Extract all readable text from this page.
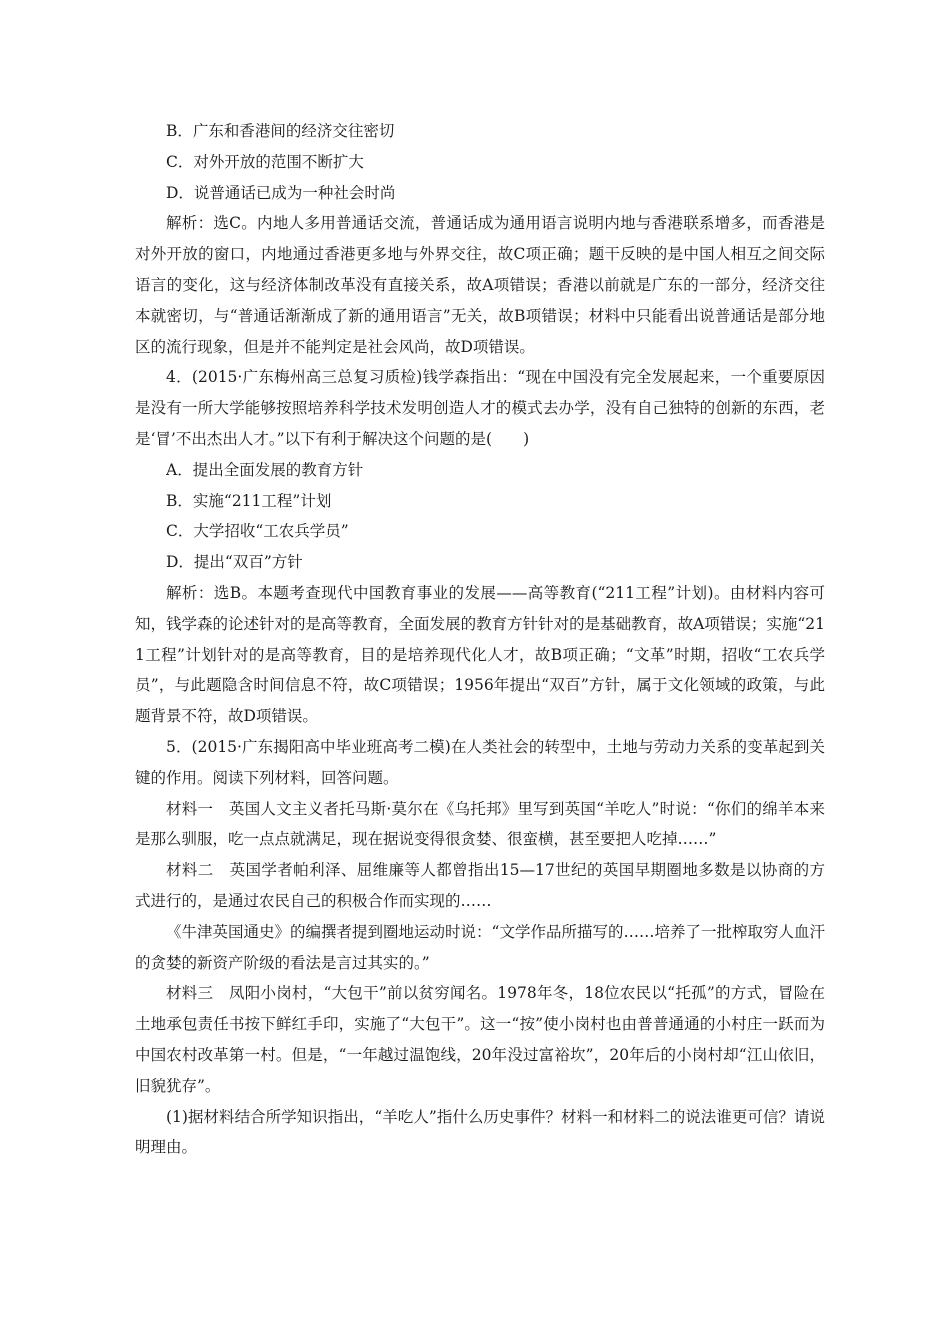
B．广东和香港间的经济交往密切

C．对外开放的范围不断扩大

D．说普通话已成为一种社会时尚

解析：选C。内地人多用普通话交流，普通话成为通用语言说明内地与香港联系增多，而香港是对外开放的窗口，内地通过香港更多地与外界交往，故C项正确；题干反映的是中国人相互之间交际语言的变化，这与经济体制改革没有直接关系，故A项错误；香港以前就是广东的一部分，经济交往本就密切，与“普通话渐渐成了新的通用语言”无关，故B项错误；材料中只能看出说普通话是部分地区的流行现象，但是并不能判定是社会风尚，故D项错误。

4．(2015·广东梅州高三总复习质检)钱学森指出：“现在中国没有完全发展起来，一个重要原因是没有一所大学能够按照培养科学技术发明创造人才的模式去办学，没有自己独特的创新的东西，老是‘冒’不出杰出人才。”以下有利于解决这个问题的是(　　)

A．提出全面发展的教育方针

B．实施“211工程”计划

C．大学招收“工农兵学员”

D．提出“双百”方针

解析：选B。本题考查现代中国教育事业的发展——高等教育(“211工程”计划)。由材料内容可知，钱学森的论述针对的是高等教育，全面发展的教育方针针对的是基础教育，故A项错误；实施“211工程”计划针对的是高等教育，目的是培养现代化人才，故B项正确；“文革”时期，招收“工农兵学员”，与此题隐含时间信息不符，故C项错误；1956年提出“双百”方针，属于文化领域的政策，与此题背景不符，故D项错误。

5．(2015·广东揭阳高中毕业班高考二模)在人类社会的转型中，土地与劳动力关系的变革起到关键的作用。阅读下列材料，回答问题。

材料一　英国人文主义者托马斯·莫尔在《乌托邦》里写到英国“羊吃人”时说：“你们的绵羊本来是那么驯服，吃一点点就满足，现在据说变得很贪婪、很蛮横，甚至要把人吃掉……”

材料二　英国学者帕利泽、屈维廉等人都曾指出15—17世纪的英国早期圈地多数是以协商的方式进行的，是通过农民自己的积极合作而实现的……

《牛津英国通史》的编撰者提到圈地运动时说：“文学作品所描写的……培养了一批榨取穷人血汗的贪婪的新资产阶级的看法是言过其实的。”

材料三　凤阳小岗村，“大包干”前以贫穷闻名。1978年冬，18位农民以“托孤”的方式，冒险在土地承包责任书按下鲜红手印，实施了“大包干”。这一“按”使小岗村也由普普通通的小村庄一跃而为中国农村改革第一村。但是，“一年越过温饱线，20年没过富裕坎”，20年后的小岗村却“江山依旧，旧貌犹存”。

(1)据材料结合所学知识指出，“羊吃人”指什么历史事件？材料一和材料二的说法谁更可信？请说明理由。
